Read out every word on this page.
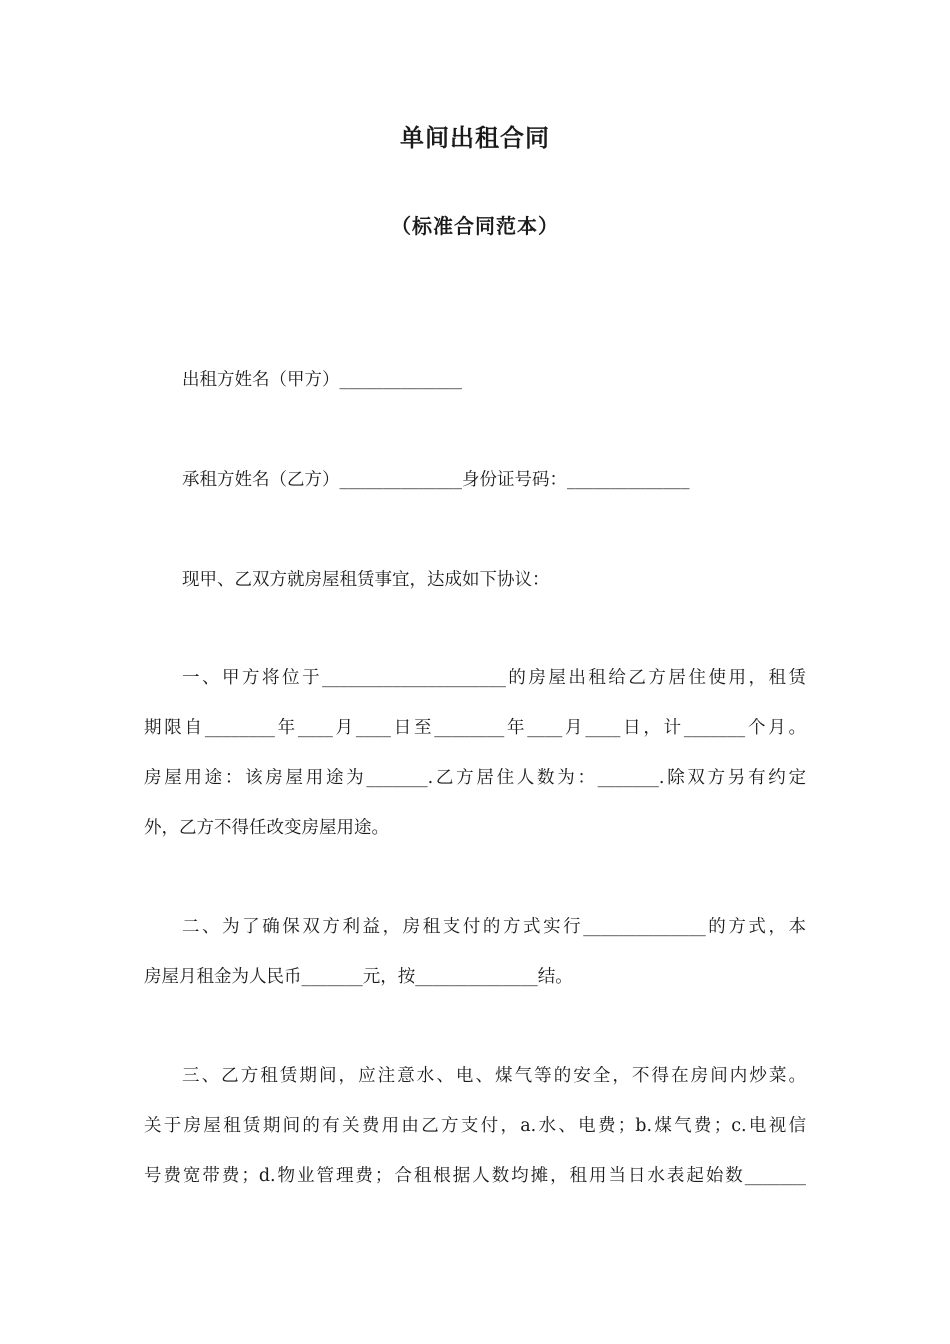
单间出租合同
（标准合同范本）
出租方姓名（甲方）______________
承租方姓名（乙方）______________身份证号码：______________
现甲、乙双方就房屋租赁事宜，达成如下协议：
一、甲方将位于_____________________的房屋出租给乙方居住使用，租赁
期限自________年____月____日至________年____月____日，计_______个月。
房屋用途：该房屋用途为_______.乙方居住人数为：_______.除双方另有约定
外，乙方不得任改变房屋用途。
二、为了确保双方利益，房租支付的方式实行______________的方式，本
房屋月租金为人民币_______元，按______________结。
三、乙方租赁期间，应注意水、电、煤气等的安全，不得在房间内炒菜。
关于房屋租赁期间的有关费用由乙方支付，a.水、电费；b.煤气费；c.电视信
号费宽带费；d.物业管理费；合租根据人数均摊，租用当日水表起始数_______
